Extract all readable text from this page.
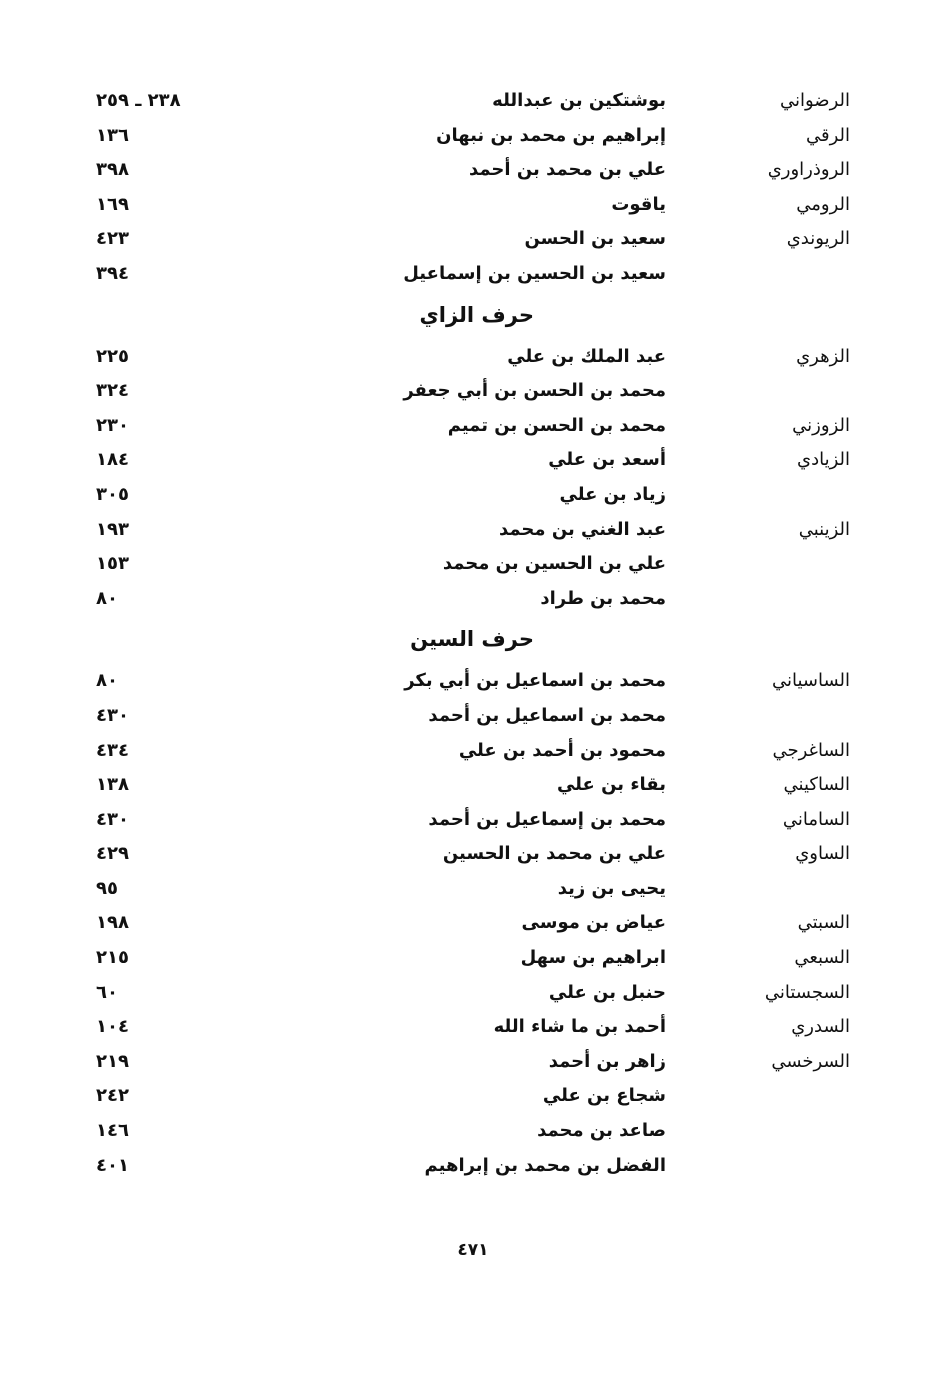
الرضواني
بوشتكين بن عبدالله
٢٣٨ ـ ٢٥٩
الرقي
إبراهيم بن محمد بن نبهان
١٣٦
الروذراوري
علي بن محمد بن أحمد
٣٩٨
الرومي
ياقوت
١٦٩
الريوندي
سعيد بن الحسن
٤٢٣
سعيد بن الحسين بن إسماعيل
٣٩٤
حرف الزاي
الزهري
عبد الملك بن علي
٢٢٥
محمد بن الحسن بن أبي جعفر
٣٢٤
الزوزني
محمد بن الحسن بن تميم
٢٣٠
الزيادي
أسعد بن علي
١٨٤
زياد بن علي
٣٠٥
الزينبي
عبد الغني بن محمد
١٩٣
علي بن الحسين بن محمد
١٥٣
محمد بن طراد
٨٠
حرف السين
الساسياني
محمد بن اسماعيل بن أبي بكر
٨٠
محمد بن اسماعيل بن أحمد
٤٣٠
الساغرجي
محمود بن أحمد بن علي
٤٣٤
الساكيني
بقاء بن علي
١٣٨
الساماني
محمد بن إسماعيل بن أحمد
٤٣٠
الساوي
علي بن محمد بن الحسين
٤٢٩
يحيى بن زيد
٩٥
السبتي
عياض بن موسى
١٩٨
السبعي
ابراهيم بن سهل
٢١٥
السجستاني
حنبل بن علي
٦٠
السدري
أحمد بن ما شاء الله
١٠٤
السرخسي
زاهر بن أحمد
٢١٩
شجاع بن علي
٢٤٢
صاعد بن محمد
١٤٦
الفضل بن محمد بن إبراهيم
٤٠١
٤٧١
